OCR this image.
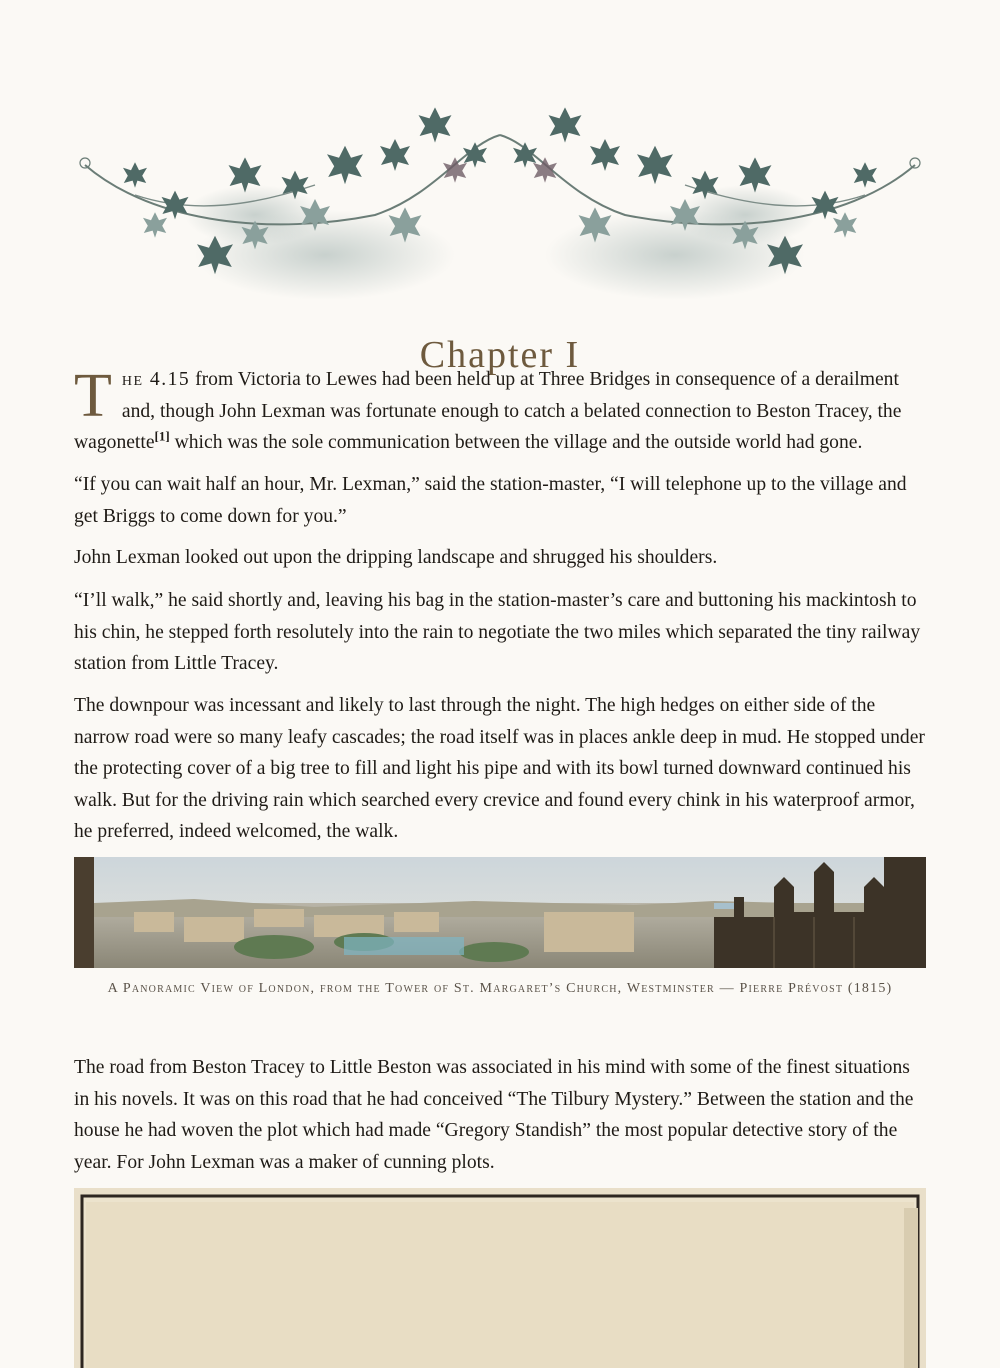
Chapter I

The 4.15 from Victoria to Lewes had been held up at Three Bridges in consequence of a derailment and, though John Lexman was fortunate enough to catch a belated connection to Beston Tracey, the wagonette[1] which was the sole communication between the village and the outside world had gone.

“If you can wait half an hour, Mr. Lexman,” said the station-master, “I will telephone up to the village and get Briggs to come down for you.”

John Lexman looked out upon the dripping landscape and shrugged his shoulders.

“I’ll walk,” he said shortly and, leaving his bag in the station-master’s care and buttoning his mackintosh to his chin, he stepped forth resolutely into the rain to negotiate the two miles which separated the tiny railway station from Little Tracey.

The downpour was incessant and likely to last through the night. The high hedges on either side of the narrow road were so many leafy cascades; the road itself was in places ankle deep in mud. He stopped under the protecting cover of a big tree to fill and light his pipe and with its bowl turned downward continued his walk. But for the driving rain which searched every crevice and found every chink in his waterproof armor, he preferred, indeed welcomed, the walk.

A Panoramic View of London, from the Tower of St. Margaret’s Church, Westminster — Pierre Prévost (1815)

The road from Beston Tracey to Little Beston was associated in his mind with some of the finest situations in his novels. It was on this road that he had conceived “The Tilbury Mystery.” Between the station and the house he had woven the plot which had made “Gregory Standish” the most popular detective story of the year. For John Lexman was a maker of cunning plots.
